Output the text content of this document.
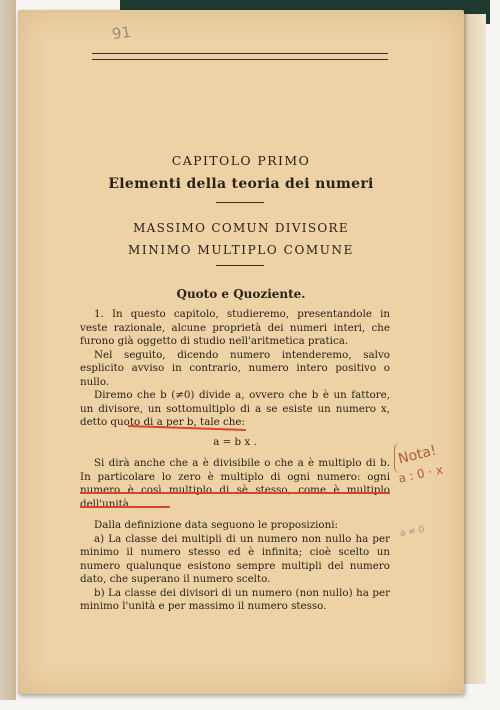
91
CAPITOLO PRIMO
Elementi della teoria dei numeri
MASSIMO COMUN DIVISORE
MINIMO MULTIPLO COMUNE
Quoto e Quoziente.

1. In questo capitolo, studieremo, presentandole in veste razionale, alcune proprietà dei numeri interi, che furono già oggetto di studio nell'aritmetica pratica.

Nel seguito, dicendo numero intenderemo, salvo esplicito avviso in contrario, numero intero positivo o nullo.

Diremo che b (≠0) divide a, ovvero che b è un fattore, un divisore, un sottomultiplo di a se esiste un numero x, detto quoto di a per b, tale che:

a = b x .

Si dirà anche che a è divisibile o che a è multiplo di b. In particolare lo zero è multiplo di ogni numero: ogni numero è così multiplo di sè stesso, come è multiplo dell'unità.

Dalla definizione data seguono le proposizioni:

a) La classe dei multipli di un numero non nullo ha per minimo il numero stesso ed è infinita; cioè scelto un numero qualunque esistono sempre multipli del numero dato, che superano il numero scelto.

b) La classe dei divisori di un numero (non nullo) ha per minimo l'unità e per massimo il numero stesso.

Nota!
a : 0 · x
a ≠ 0
